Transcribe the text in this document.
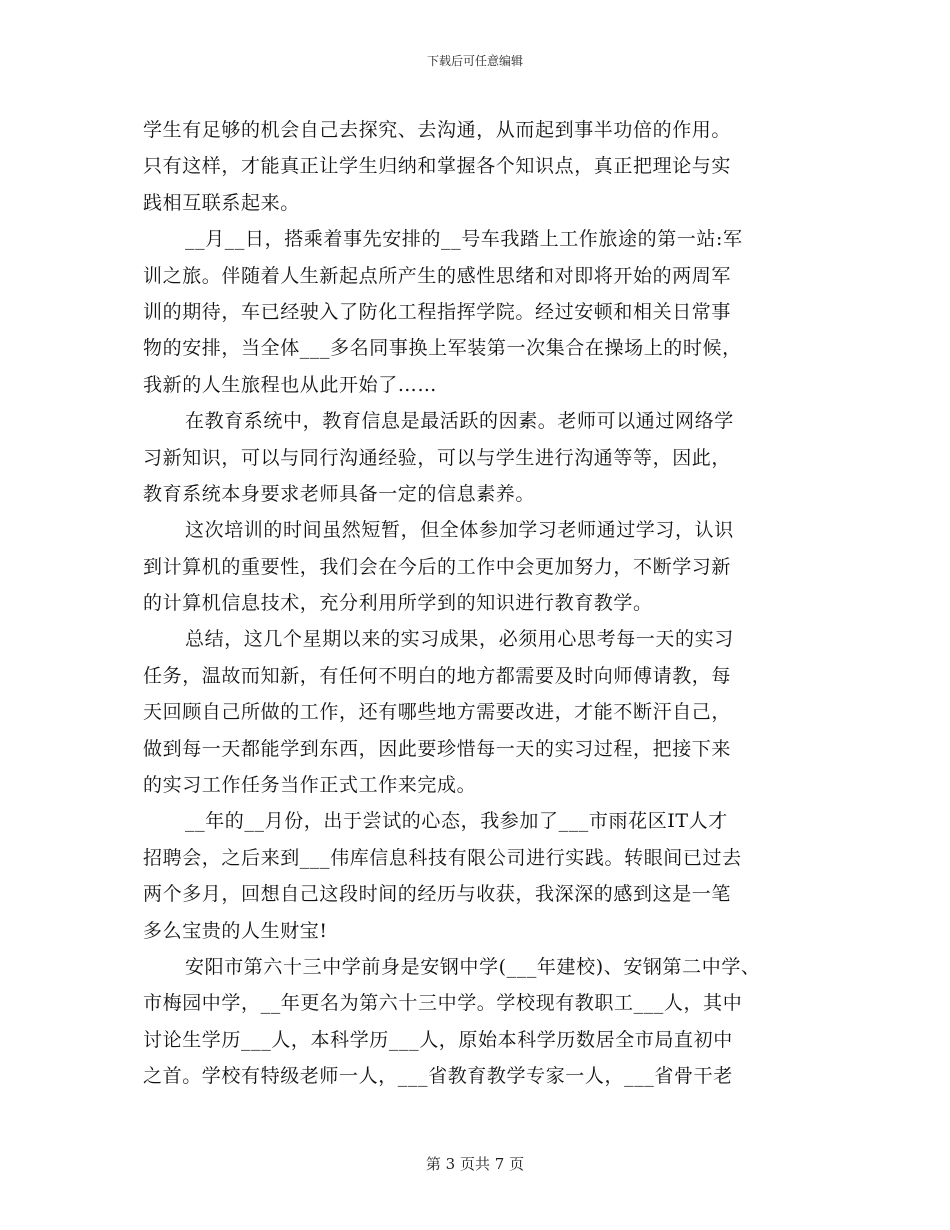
下载后可任意编辑
学生有足够的机会自己去探究、去沟通，从而起到事半功倍的作用。
只有这样，才能真正让学生归纳和掌握各个知识点，真正把理论与实
践相互联系起来。
__月__日，搭乘着事先安排的__号车我踏上工作旅途的第一站:军
训之旅。伴随着人生新起点所产生的感性思绪和对即将开始的两周军
训的期待，车已经驶入了防化工程指挥学院。经过安顿和相关日常事
物的安排，当全体___多名同事换上军装第一次集合在操场上的时候，
我新的人生旅程也从此开始了……
在教育系统中，教育信息是最活跃的因素。老师可以通过网络学
习新知识，可以与同行沟通经验，可以与学生进行沟通等等，因此，
教育系统本身要求老师具备一定的信息素养。
这次培训的时间虽然短暂，但全体参加学习老师通过学习，认识
到计算机的重要性，我们会在今后的工作中会更加努力，不断学习新
的计算机信息技术，充分利用所学到的知识进行教育教学。
总结，这几个星期以来的实习成果，必须用心思考每一天的实习
任务，温故而知新，有任何不明白的地方都需要及时向师傅请教，每
天回顾自己所做的工作，还有哪些地方需要改进，才能不断汗自己，
做到每一天都能学到东西，因此要珍惜每一天的实习过程，把接下来
的实习工作任务当作正式工作来完成。
__年的__月份，出于尝试的心态，我参加了___市雨花区IT人才
招聘会，之后来到___伟库信息科技有限公司进行实践。转眼间已过去
两个多月，回想自己这段时间的经历与收获，我深深的感到这是一笔
多么宝贵的人生财宝!
安阳市第六十三中学前身是安钢中学(___年建校)、安钢第二中学、
市梅园中学，__年更名为第六十三中学。学校现有教职工___人，其中
讨论生学历___人，本科学历___人，原始本科学历数居全市局直初中
之首。学校有特级老师一人，___省教育教学专家一人，___省骨干老
第 3 页共 7 页
